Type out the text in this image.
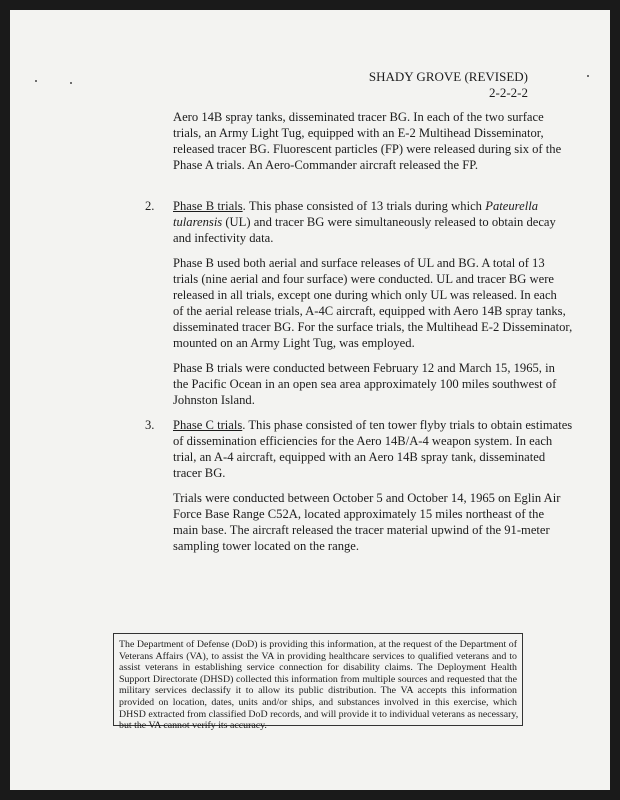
SHADY GROVE (REVISED)
2-2-2-2
Aero 14B spray tanks, disseminated tracer BG. In each of the two surface
trials, an Army Light Tug, equipped with an E-2 Multihead Disseminator,
released tracer BG. Fluorescent particles (FP) were released during six of the
Phase A trials. An Aero-Commander aircraft released the FP.
2. Phase B trials. This phase consisted of 13 trials during which Pateurella
tularensis (UL) and tracer BG were simultaneously released to obtain decay
and infectivity data.
Phase B used both aerial and surface releases of UL and BG. A total of 13
trials (nine aerial and four surface) were conducted. UL and tracer BG were
released in all trials, except one during which only UL was released. In each
of the aerial release trials, A-4C aircraft, equipped with Aero 14B spray tanks,
disseminated tracer BG. For the surface trials, the Multihead E-2 Disseminator,
mounted on an Army Light Tug, was employed.
Phase B trials were conducted between February 12 and March 15, 1965, in
the Pacific Ocean in an open sea area approximately 100 miles southwest of
Johnston Island.
3. Phase C trials. This phase consisted of ten tower flyby trials to obtain estimates
of dissemination efficiencies for the Aero 14B/A-4 weapon system. In each
trial, an A-4 aircraft, equipped with an Aero 14B spray tank, disseminated
tracer BG.
Trials were conducted between October 5 and October 14, 1965 on Eglin Air
Force Base Range C52A, located approximately 15 miles northeast of the
main base. The aircraft released the tracer material upwind of the 91-meter
sampling tower located on the range.
The Department of Defense (DoD) is providing this information, at the request of the Department of
Veterans Affairs (VA), to assist the VA in providing healthcare services to qualified veterans and to
assist veterans in establishing service connection for disability claims. The Deployment Health
Support Directorate (DHSD) collected this information from multiple sources and requested that the
military services declassify it to allow its public distribution. The VA accepts this information
provided on location, dates, units and/or ships, and substances involved in this exercise, which
DHSD extracted from classified DoD records, and will provide it to individual veterans as necessary,
but the VA cannot verify its accuracy.
